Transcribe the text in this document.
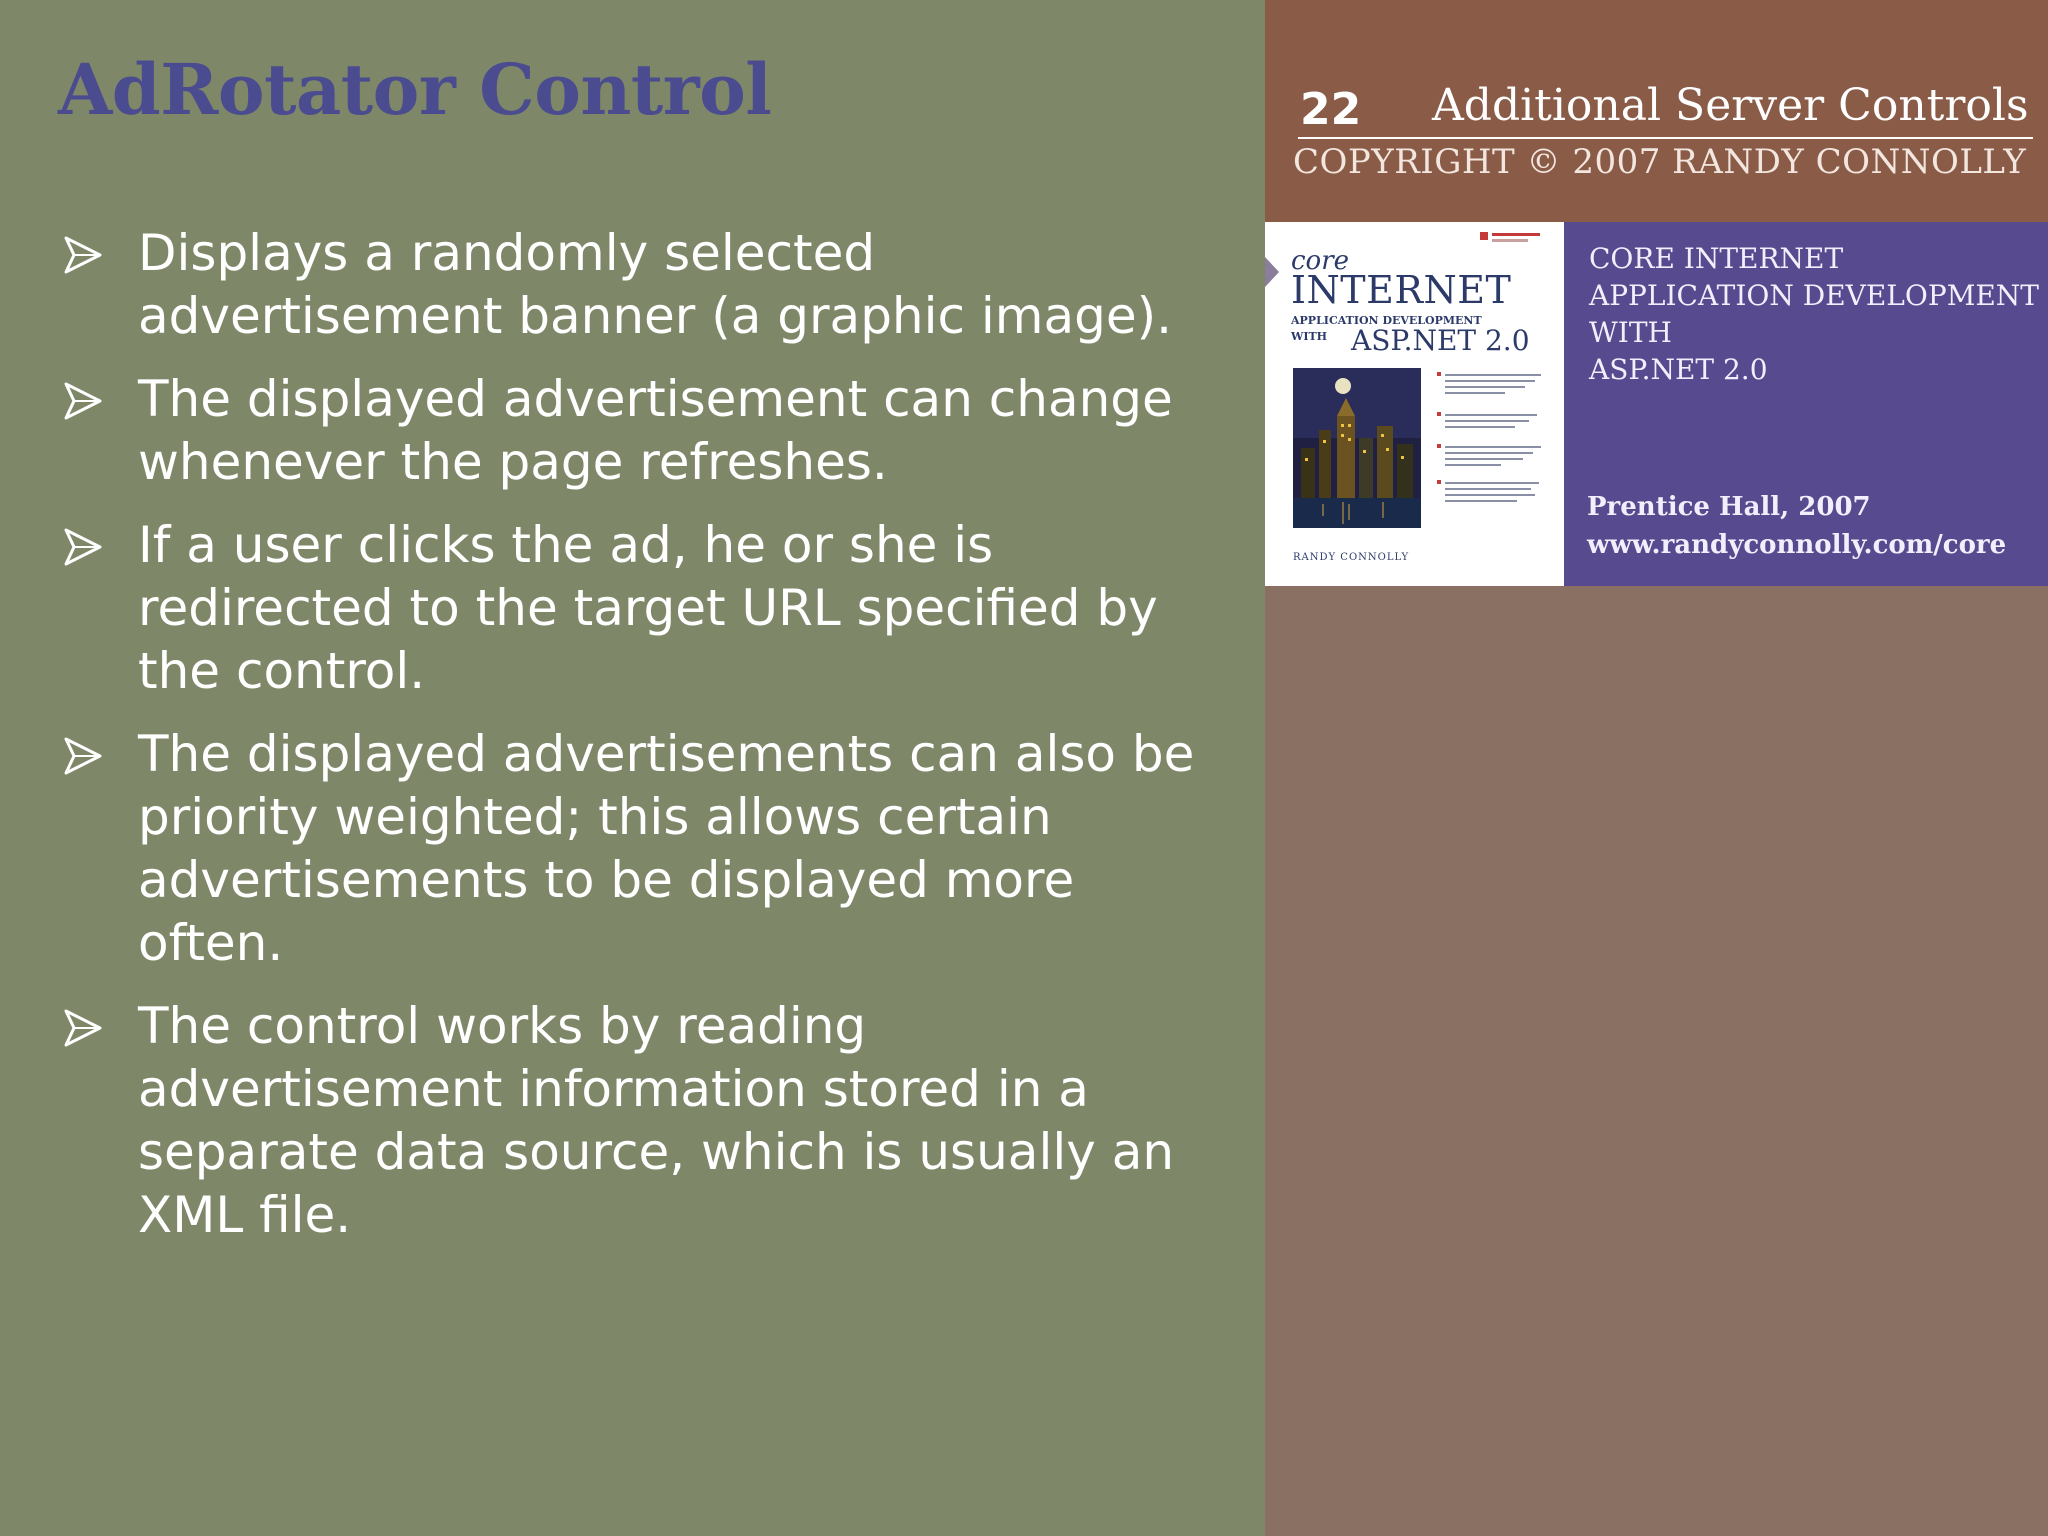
AdRotator Control
Displays a randomly selected advertisement banner (a graphic image).
The displayed advertisement can change whenever the page refreshes.
If a user clicks the ad, he or she is redirected to the target URL specified by the control.
The displayed advertisements can also be priority weighted; this allows certain advertisements to be displayed more often.
The control works by reading advertisement information stored in a separate data source, which is usually an XML file.
22 Additional Server Controls
COPYRIGHT © 2007 RANDY CONNOLLY
core
INTERNET
APPLICATION DEVELOPMENT
WITH ASP.NET 2.0
RANDY CONNOLLY

CORE INTERNET
APPLICATION DEVELOPMENT
WITH
ASP.NET 2.0

Prentice Hall, 2007
www.randyconnolly.com/core
